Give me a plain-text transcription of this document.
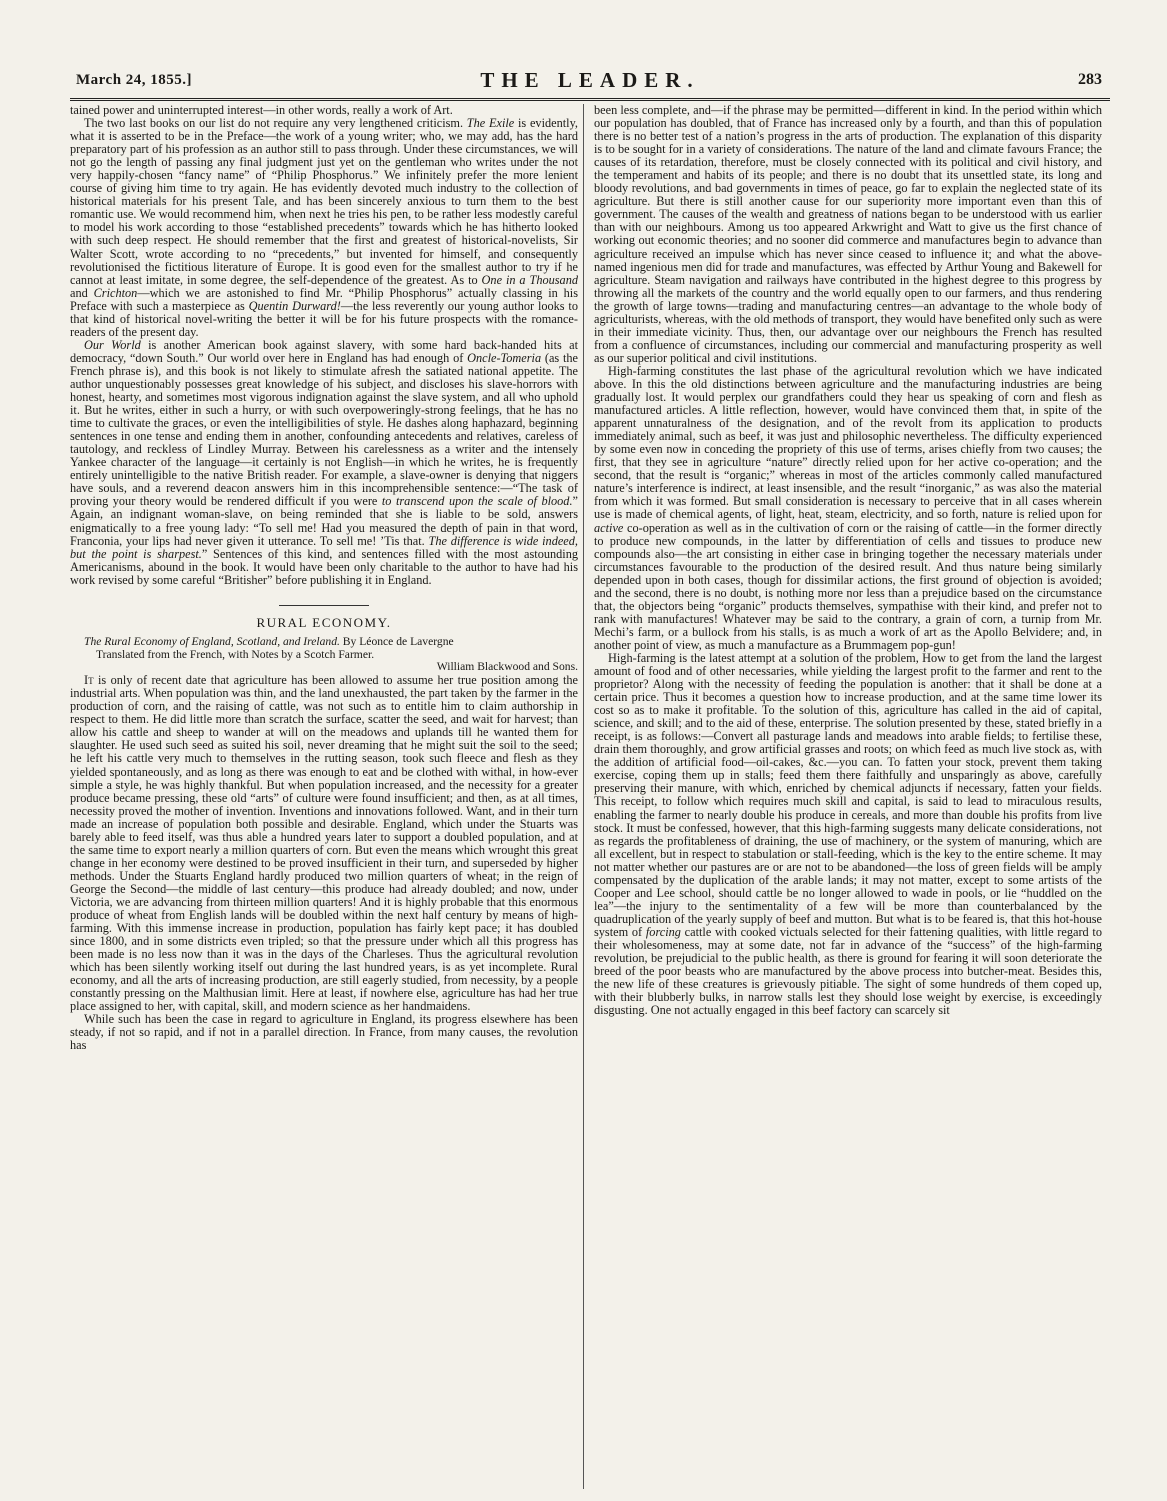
March 24, 1855.]	THE LEADER.	283

tained power and uninterrupted interest—in other words, really a work of Art.

The two last books on our list do not require any very lengthened criticism. The Exile is evidently, what it is asserted to be in the Preface—the work of a young writer; who, we may add, has the hard preparatory part of his profession as an author still to pass through. Under these circumstances, we will not go the length of passing any final judgment just yet on the gentleman who writes under the not very happily-chosen “fancy name” of “Philip Phosphorus.” We infinitely prefer the more lenient course of giving him time to try again. He has evidently devoted much industry to the collection of historical materials for his present Tale, and has been sincerely anxious to turn them to the best romantic use. We would recommend him, when next he tries his pen, to be rather less modestly careful to model his work according to those “established precedents” towards which he has hitherto looked with such deep respect. He should remember that the first and greatest of historical-novelists, Sir Walter Scott, wrote according to no “precedents,” but invented for himself, and consequently revolutionised the fictitious literature of Europe. It is good even for the smallest author to try if he cannot at least imitate, in some degree, the self-dependence of the greatest. As to One in a Thousand and Crichton—which we are astonished to find Mr. “Philip Phosphorus” actually classing in his Preface with such a masterpiece as Quentin Durward!—the less reverently our young author looks to that kind of historical novel-writing the better it will be for his future prospects with the romance-readers of the present day.

Our World is another American book against slavery, with some hard back-handed hits at democracy, “down South.” Our world over here in England has had enough of Oncle-Tomeria (as the French phrase is), and this book is not likely to stimulate afresh the satiated national appetite. The author unquestionably possesses great knowledge of his subject, and discloses his slave-horrors with honest, hearty, and sometimes most vigorous indignation against the slave system, and all who uphold it. But he writes, either in such a hurry, or with such overpoweringly-strong feelings, that he has no time to cultivate the graces, or even the intelligibilities of style. He dashes along haphazard, beginning sentences in one tense and ending them in another, confounding antecedents and relatives, careless of tautology, and reckless of Lindley Murray. Between his carelessness as a writer and the intensely Yankee character of the language—it certainly is not English—in which he writes, he is frequently entirely unintelligible to the native British reader. For example, a slave-owner is denying that niggers have souls, and a reverend deacon answers him in this incomprehensible sentence:—“The task of proving your theory would be rendered difficult if you were to transcend upon the scale of blood.” Again, an indignant woman-slave, on being reminded that she is liable to be sold, answers enigmatically to a free young lady: “To sell me! Had you measured the depth of pain in that word, Franconia, your lips had never given it utterance. To sell me! ’Tis that. The difference is wide indeed, but the point is sharpest.” Sentences of this kind, and sentences filled with the most astounding Americanisms, abound in the book. It would have been only charitable to the author to have had his work revised by some careful “Britisher” before publishing it in England.

RURAL ECONOMY.

The Rural Economy of England, Scotland, and Ireland. By Léonce de Lavergne
Translated from the French, with Notes by a Scotch Farmer.
William Blackwood and Sons.

It is only of recent date that agriculture has been allowed to assume her true position among the industrial arts. When population was thin, and the land unexhausted, the part taken by the farmer in the production of corn, and the raising of cattle, was not such as to entitle him to claim authorship in respect to them. He did little more than scratch the surface, scatter the seed, and wait for harvest; than allow his cattle and sheep to wander at will on the meadows and uplands till he wanted them for slaughter. He used such seed as suited his soil, never dreaming that he might suit the soil to the seed; he left his cattle very much to themselves in the rutting season, took such fleece and flesh as they yielded spontaneously, and as long as there was enough to eat and be clothed with withal, in how-ever simple a style, he was highly thankful. But when population increased, and the necessity for a greater produce became pressing, these old “arts” of culture were found insufficient; and then, as at all times, necessity proved the mother of invention. Inventions and innovations followed. Want, and in their turn made an increase of population both possible and desirable. England, which under the Stuarts was barely able to feed itself, was thus able a hundred years later to support a doubled population, and at the same time to export nearly a million quarters of corn. But even the means which wrought this great change in her economy were destined to be proved insufficient in their turn, and superseded by higher methods. Under the Stuarts England hardly produced two million quarters of wheat; in the reign of George the Second—the middle of last century—this produce had already doubled; and now, under Victoria, we are advancing from thirteen million quarters! And it is highly probable that this enormous produce of wheat from English lands will be doubled within the next half century by means of high-farming. With this immense increase in production, population has fairly kept pace; it has doubled since 1800, and in some districts even tripled; so that the pressure under which all this progress has been made is no less now than it was in the days of the Charleses. Thus the agricultural revolution which has been silently working itself out during the last hundred years, is as yet incomplete. Rural economy, and all the arts of increasing production, are still eagerly studied, from necessity, by a people constantly pressing on the Malthusian limit. Here at least, if nowhere else, agriculture has had her true place assigned to her, with capital, skill, and modern science as her handmaidens.

While such has been the case in regard to agriculture in England, its progress elsewhere has been steady, if not so rapid, and if not in a parallel direction. In France, from many causes, the revolution has

been less complete, and—if the phrase may be permitted—different in kind. In the period within which our population has doubled, that of France has increased only by a fourth, and than this of population there is no better test of a nation’s progress in the arts of production. The explanation of this disparity is to be sought for in a variety of considerations. The nature of the land and climate favours France; the causes of its retardation, therefore, must be closely connected with its political and civil history, and the temperament and habits of its people; and there is no doubt that its unsettled state, its long and bloody revolutions, and bad governments in times of peace, go far to explain the neglected state of its agriculture. But there is still another cause for our superiority more important even than this of government. The causes of the wealth and greatness of nations began to be understood with us earlier than with our neighbours. Among us too appeared Arkwright and Watt to give us the first chance of working out economic theories; and no sooner did commerce and manufactures begin to advance than agriculture received an impulse which has never since ceased to influence it; and what the above-named ingenious men did for trade and manufactures, was effected by Arthur Young and Bakewell for agriculture. Steam navigation and railways have contributed in the highest degree to this progress by throwing all the markets of the country and the world equally open to our farmers, and thus rendering the growth of large towns—trading and manufacturing centres—an advantage to the whole body of agriculturists, whereas, with the old methods of transport, they would have benefited only such as were in their immediate vicinity. Thus, then, our advantage over our neighbours the French has resulted from a confluence of circumstances, including our commercial and manufacturing prosperity as well as our superior political and civil institutions.

High-farming constitutes the last phase of the agricultural revolution which we have indicated above. In this the old distinctions between agriculture and the manufacturing industries are being gradually lost. It would perplex our grandfathers could they hear us speaking of corn and flesh as manufactured articles. A little reflection, however, would have convinced them that, in spite of the apparent unnaturalness of the designation, and of the revolt from its application to products immediately animal, such as beef, it was just and philosophic nevertheless. The difficulty experienced by some even now in conceding the propriety of this use of terms, arises chiefly from two causes; the first, that they see in agriculture “nature” directly relied upon for her active co-operation; and the second, that the result is “organic;” whereas in most of the articles commonly called manufactured nature’s interference is indirect, at least insensible, and the result “inorganic,” as was also the material from which it was formed. But small consideration is necessary to perceive that in all cases wherein use is made of chemical agents, of light, heat, steam, electricity, and so forth, nature is relied upon for active co-operation as well as in the cultivation of corn or the raising of cattle—in the former directly to produce new compounds, in the latter by differentiation of cells and tissues to produce new compounds also—the art consisting in either case in bringing together the necessary materials under circumstances favourable to the production of the desired result. And thus nature being similarly depended upon in both cases, though for dissimilar actions, the first ground of objection is avoided; and the second, there is no doubt, is nothing more nor less than a prejudice based on the circumstance that, the objectors being “organic” products themselves, sympathise with their kind, and prefer not to rank with manufactures! Whatever may be said to the contrary, a grain of corn, a turnip from Mr. Mechi’s farm, or a bullock from his stalls, is as much a work of art as the Apollo Belvidere; and, in another point of view, as much a manufacture as a Brummagem pop-gun!

High-farming is the latest attempt at a solution of the problem, How to get from the land the largest amount of food and of other necessaries, while yielding the largest profit to the farmer and rent to the proprietor? Along with the necessity of feeding the population is another: that it shall be done at a certain price. Thus it becomes a question how to increase production, and at the same time lower its cost so as to make it profitable. To the solution of this, agriculture has called in the aid of capital, science, and skill; and to the aid of these, enterprise. The solution presented by these, stated briefly in a receipt, is as follows:—Convert all pasturage lands and meadows into arable fields; to fertilise these, drain them thoroughly, and grow artificial grasses and roots; on which feed as much live stock as, with the addition of artificial food—oil-cakes, &c.—you can. To fatten your stock, prevent them taking exercise, coping them up in stalls; feed them there faithfully and unsparingly as above, carefully preserving their manure, with which, enriched by chemical adjuncts if necessary, fatten your fields. This receipt, to follow which requires much skill and capital, is said to lead to miraculous results, enabling the farmer to nearly double his produce in cereals, and more than double his profits from live stock. It must be confessed, however, that this high-farming suggests many delicate considerations, not as regards the profitableness of draining, the use of machinery, or the system of manuring, which are all excellent, but in respect to stabulation or stall-feeding, which is the key to the entire scheme. It may not matter whether our pastures are or are not to be abandoned—the loss of green fields will be amply compensated by the duplication of the arable lands; it may not matter, except to some artists of the Cooper and Lee school, should cattle be no longer allowed to wade in pools, or lie “huddled on the lea”—the injury to the sentimentality of a few will be more than counterbalanced by the quadruplication of the yearly supply of beef and mutton. But what is to be feared is, that this hot-house system of forcing cattle with cooked victuals selected for their fattening qualities, with little regard to their wholesomeness, may at some date, not far in advance of the “success” of the high-farming revolution, be prejudicial to the public health, as there is ground for fearing it will soon deteriorate the breed of the poor beasts who are manufactured by the above process into butcher-meat. Besides this, the new life of these creatures is grievously pitiable. The sight of some hundreds of them coped up, with their blubberly bulks, in narrow stalls lest they should lose weight by exercise, is exceedingly disgusting. One not actually engaged in this beef factory can scarcely sit
